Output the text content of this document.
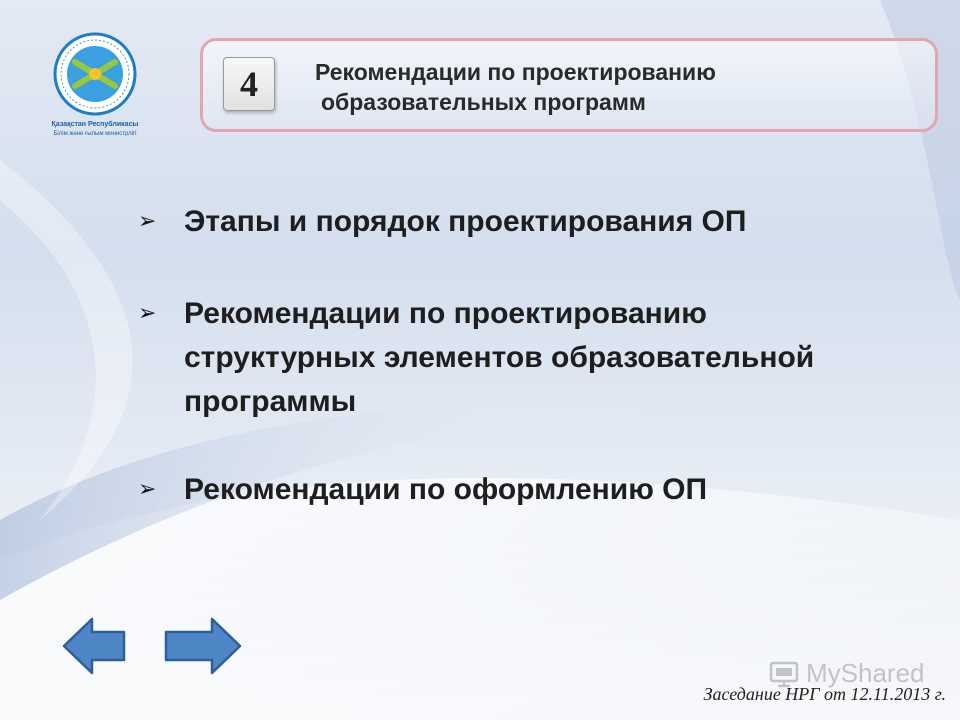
Қазақстан Республикасы
Білім және ғылым министрлігі
4	Рекомендации по проектированию
образовательных программ
➢ Этапы и порядок проектирования ОП
➢ Рекомендации по проектированию
структурных элементов образовательной
программы
➢ Рекомендации по оформлению ОП
MyShared
Заседание НРГ от 12.11.2013 г.
